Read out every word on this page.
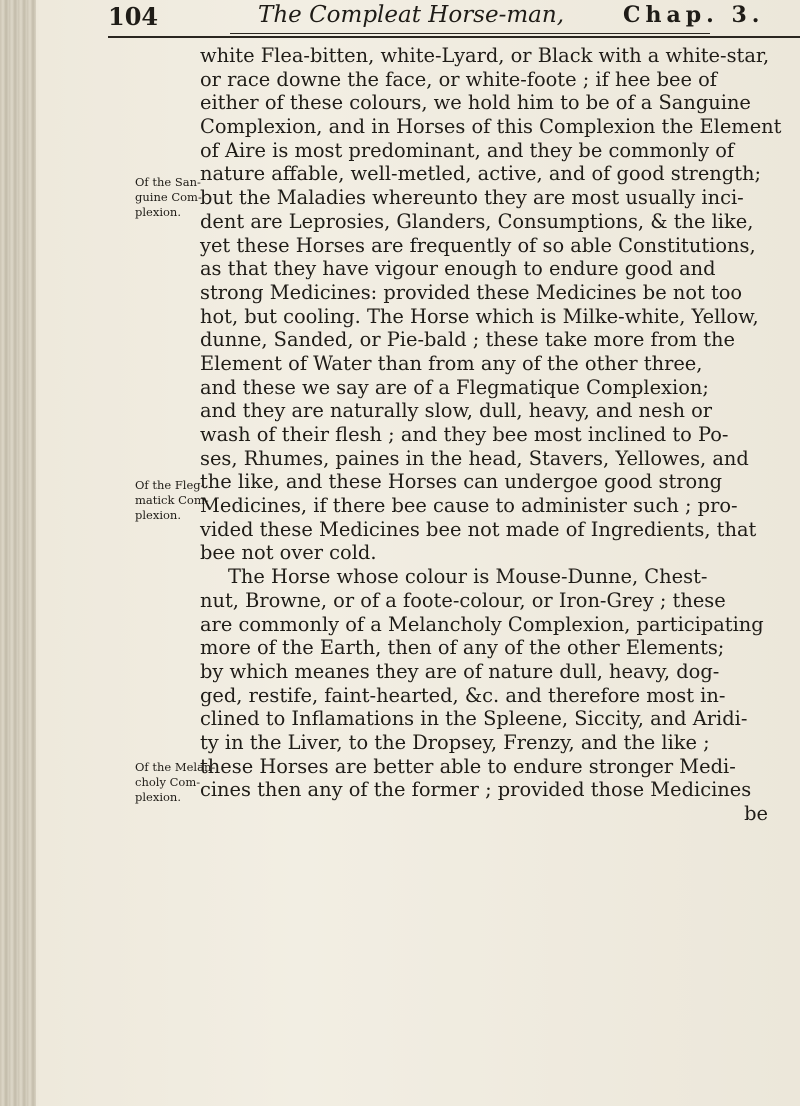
104	The Compleat Horse-man,	Chap. 3.
Of the San-
guine Com-
plexion.
Of the Fleg-
matick Com-
plexion.
Of the Melan-
choly Com-
plexion.
white Flea-bitten, white-Lyard, or Black with a white-star,
or race downe the face, or white-foote ; if hee bee of
either of these colours, we hold him to be of a Sanguine
Complexion, and in Horses of this Complexion the Element
of Aire is most predominant, and they be commonly of
nature affable, well-metled, active, and of good strength;
but the Maladies whereunto they are most usually inci-
dent are Leprosies, Glanders, Consumptions, & the like,
yet these Horses are frequently of so able Constitutions,
as that they have vigour enough to endure good and
strong Medicines: provided these Medicines be not too
hot, but cooling. The Horse which is Milke-white, Yellow,
dunne, Sanded, or Pie-bald ; these take more from the
Element of Water than from any of the other three,
and these we say are of a Flegmatique Complexion;
and they are naturally slow, dull, heavy, and nesh or
wash of their flesh ; and they bee most inclined to Po-
ses, Rhumes, paines in the head, Stavers, Yellowes, and
the like, and these Horses can undergoe good strong
Medicines, if there bee cause to administer such ; pro-
vided these Medicines bee not made of Ingredients, that
bee not over cold.
The Horse whose colour is Mouse-Dunne, Chest-
nut, Browne, or of a foote-colour, or Iron-Grey ; these
are commonly of a Melancholy Complexion, participating
more of the Earth, then of any of the other Elements;
by which meanes they are of nature dull, heavy, dog-
ged, restife, faint-hearted, &c. and therefore most in-
clined to Inflamations in the Spleene, Siccity, and Aridi-
ty in the Liver, to the Dropsey, Frenzy, and the like ;
these Horses are better able to endure stronger Medi-
cines then any of the former ; provided those Medicines
be
